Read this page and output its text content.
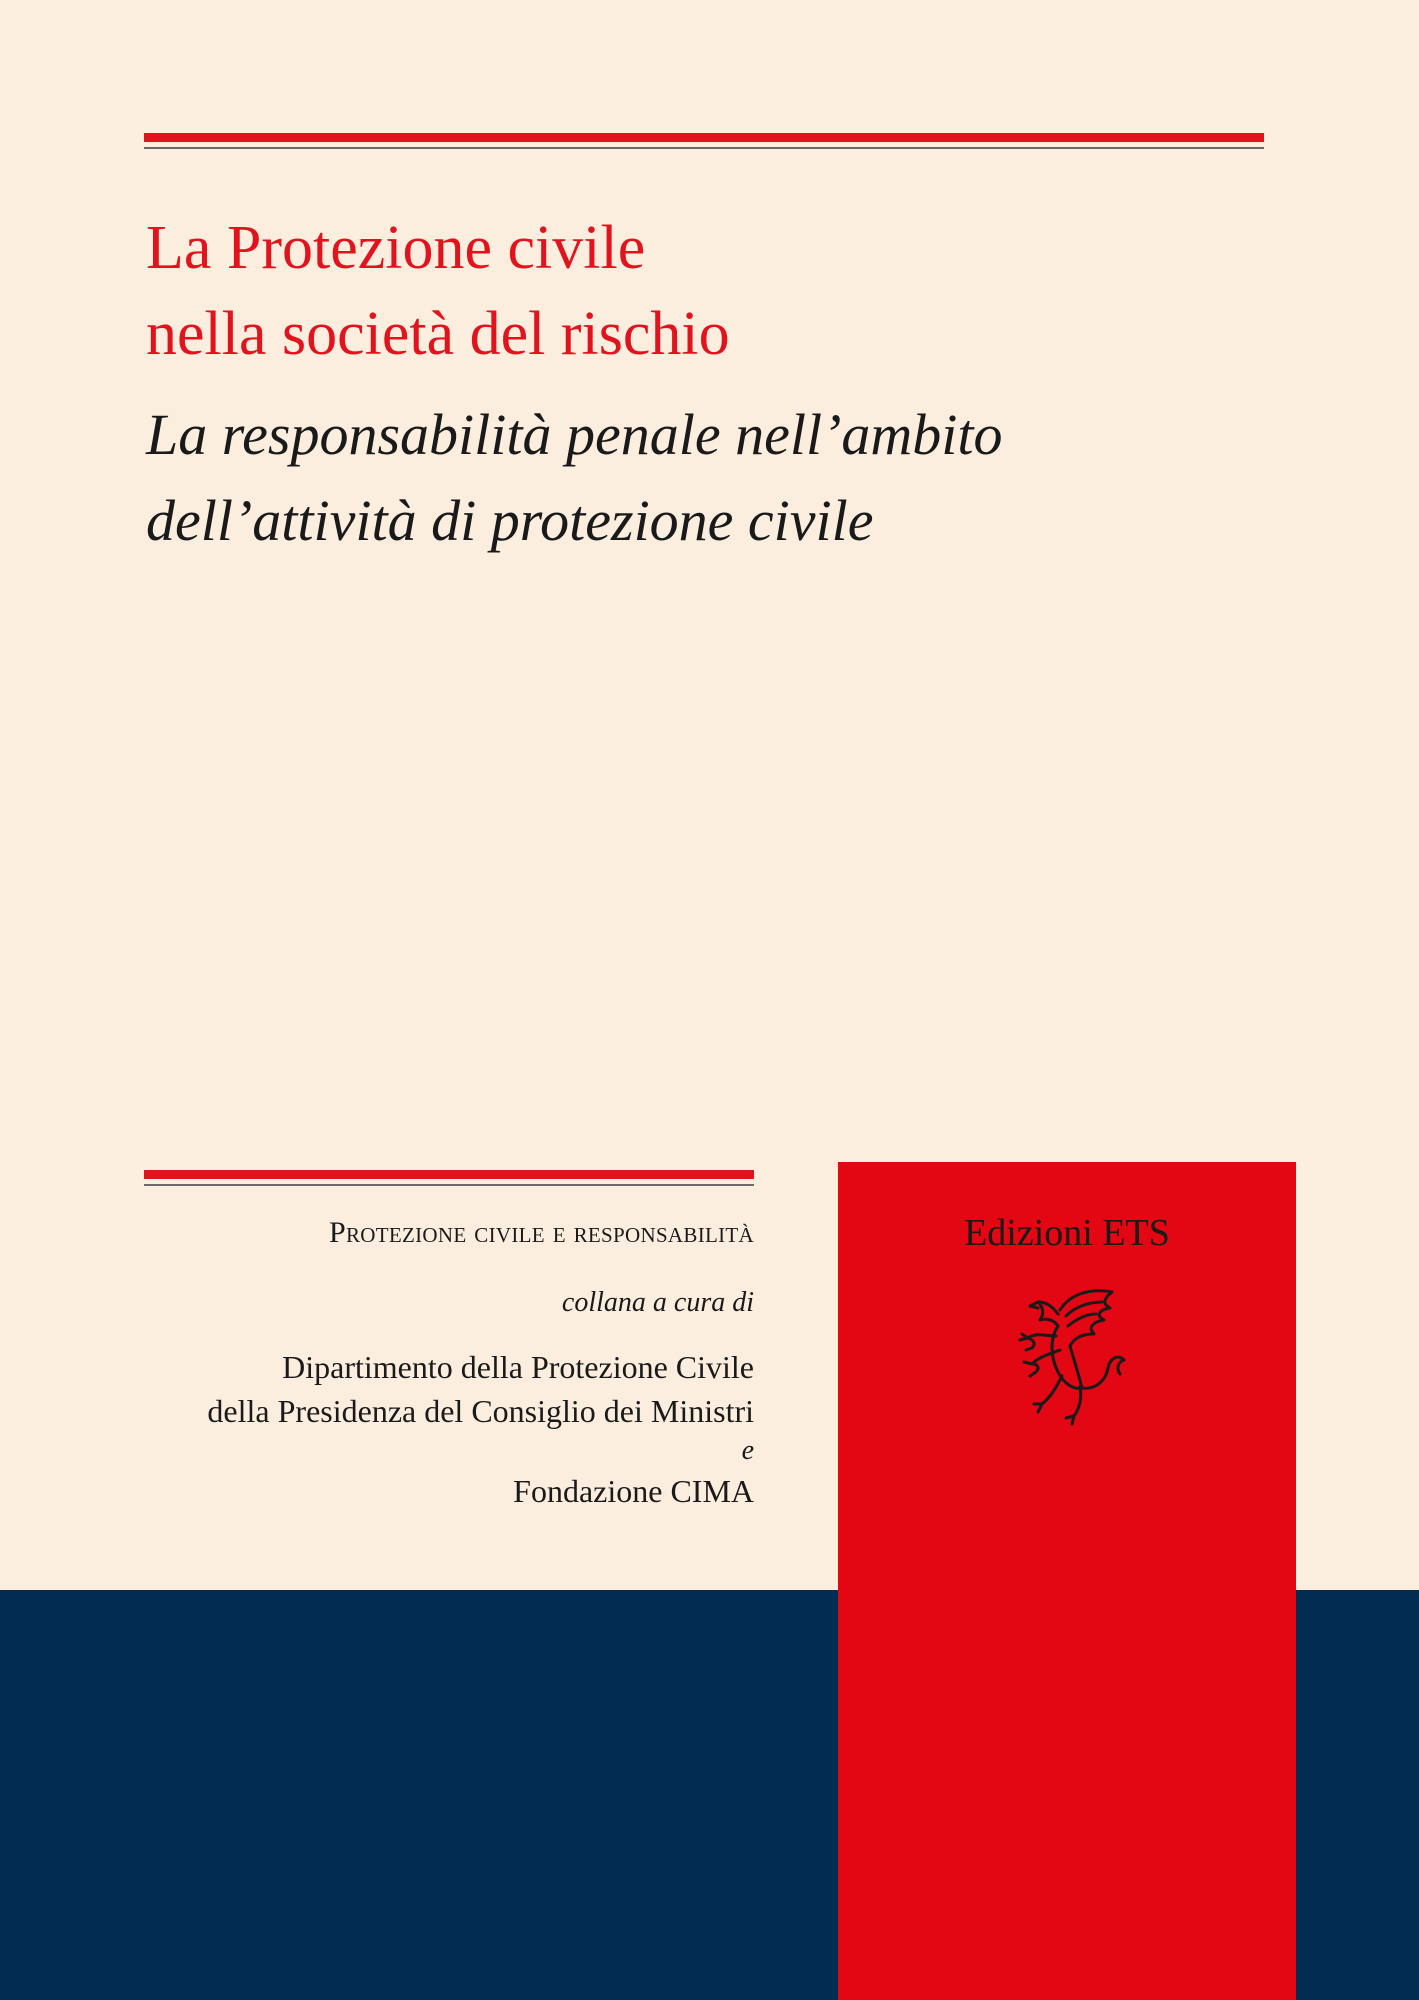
La Protezione civile
nella società del rischio
La responsabilità penale nell’ambito
dell’attività di protezione civile
Protezione civile e responsabilità
collana a cura di
Dipartimento della Protezione Civile
della Presidenza del Consiglio dei Ministri
e
Fondazione CIMA
Edizioni ETS
